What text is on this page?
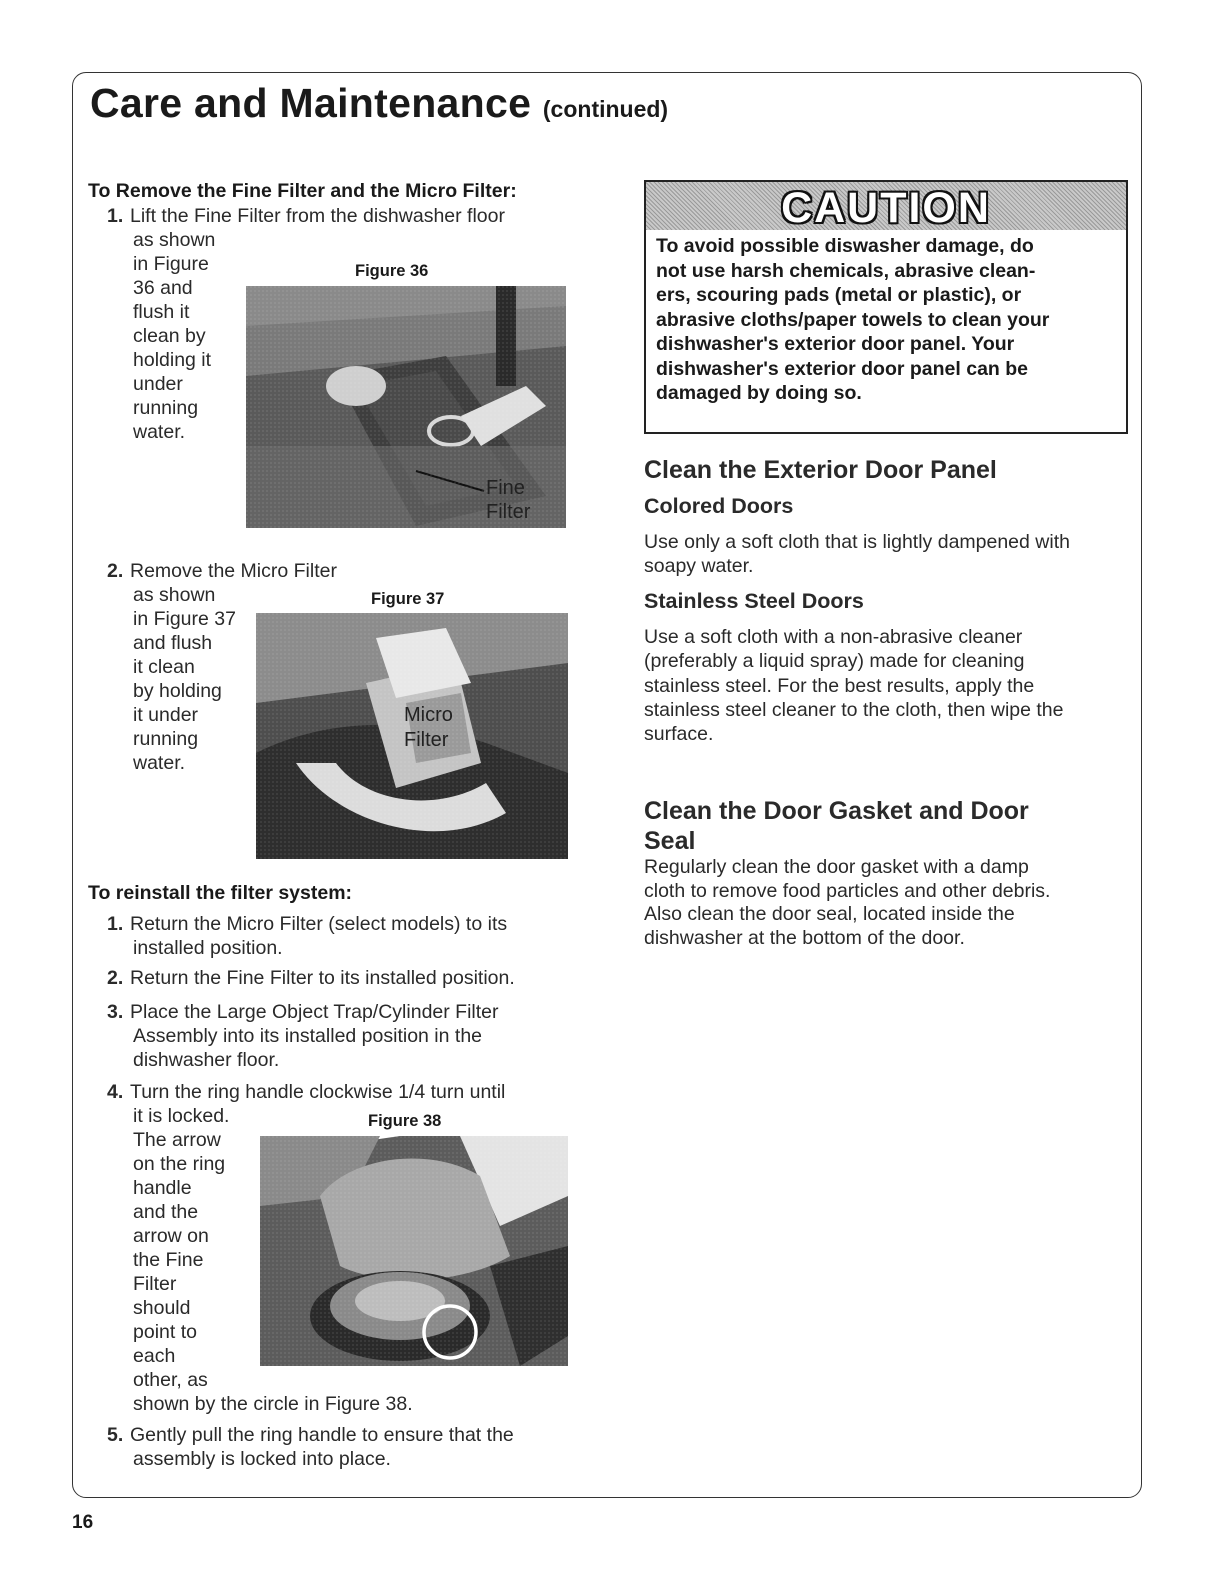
Care and Maintenance (continued)
To Remove the Fine Filter and the Micro Filter:
1. Lift the Fine Filter from the dishwasher floor
as shown
in Figure
36 and
flush it
clean by
holding it
under
running
water.
Figure 36
Fine
Filter
2. Remove the Micro Filter
as shown
in Figure 37
and flush
it clean
by holding
it under
running
water.
Figure 37
Micro
Filter
To reinstall the filter system:
1. Return the Micro Filter (select models) to its
installed position.
2. Return the Fine Filter to its installed position.
3. Place the Large Object Trap/Cylinder Filter
Assembly into its installed position in the
dishwasher floor.
4. Turn the ring handle clockwise 1/4 turn until
it is locked.
The arrow
on the ring
handle
and the
arrow on
the Fine
Filter
should
point to
each
other, as
shown by the circle in Figure 38.
Figure 38
5. Gently pull the ring handle to ensure that the
assembly is locked into place.
CAUTION
To avoid possible diswasher damage, do
not use harsh chemicals, abrasive clean-
ers, scouring pads (metal or plastic), or
abrasive cloths/paper towels to clean your
dishwasher's exterior door panel. Your
dishwasher's exterior door panel can be
damaged by doing so.
Clean the Exterior Door Panel
Colored Doors
Use only a soft cloth that is lightly dampened with
soapy water.
Stainless Steel Doors
Use a soft cloth with a non-abrasive cleaner
(preferably a liquid spray) made for cleaning
stainless steel. For the best results, apply the
stainless steel cleaner to the cloth, then wipe the
surface.
Clean the Door Gasket and Door
Seal
Regularly clean the door gasket with a damp
cloth to remove food particles and other debris.
Also clean the door seal, located inside the
dishwasher at the bottom of the door.
16
